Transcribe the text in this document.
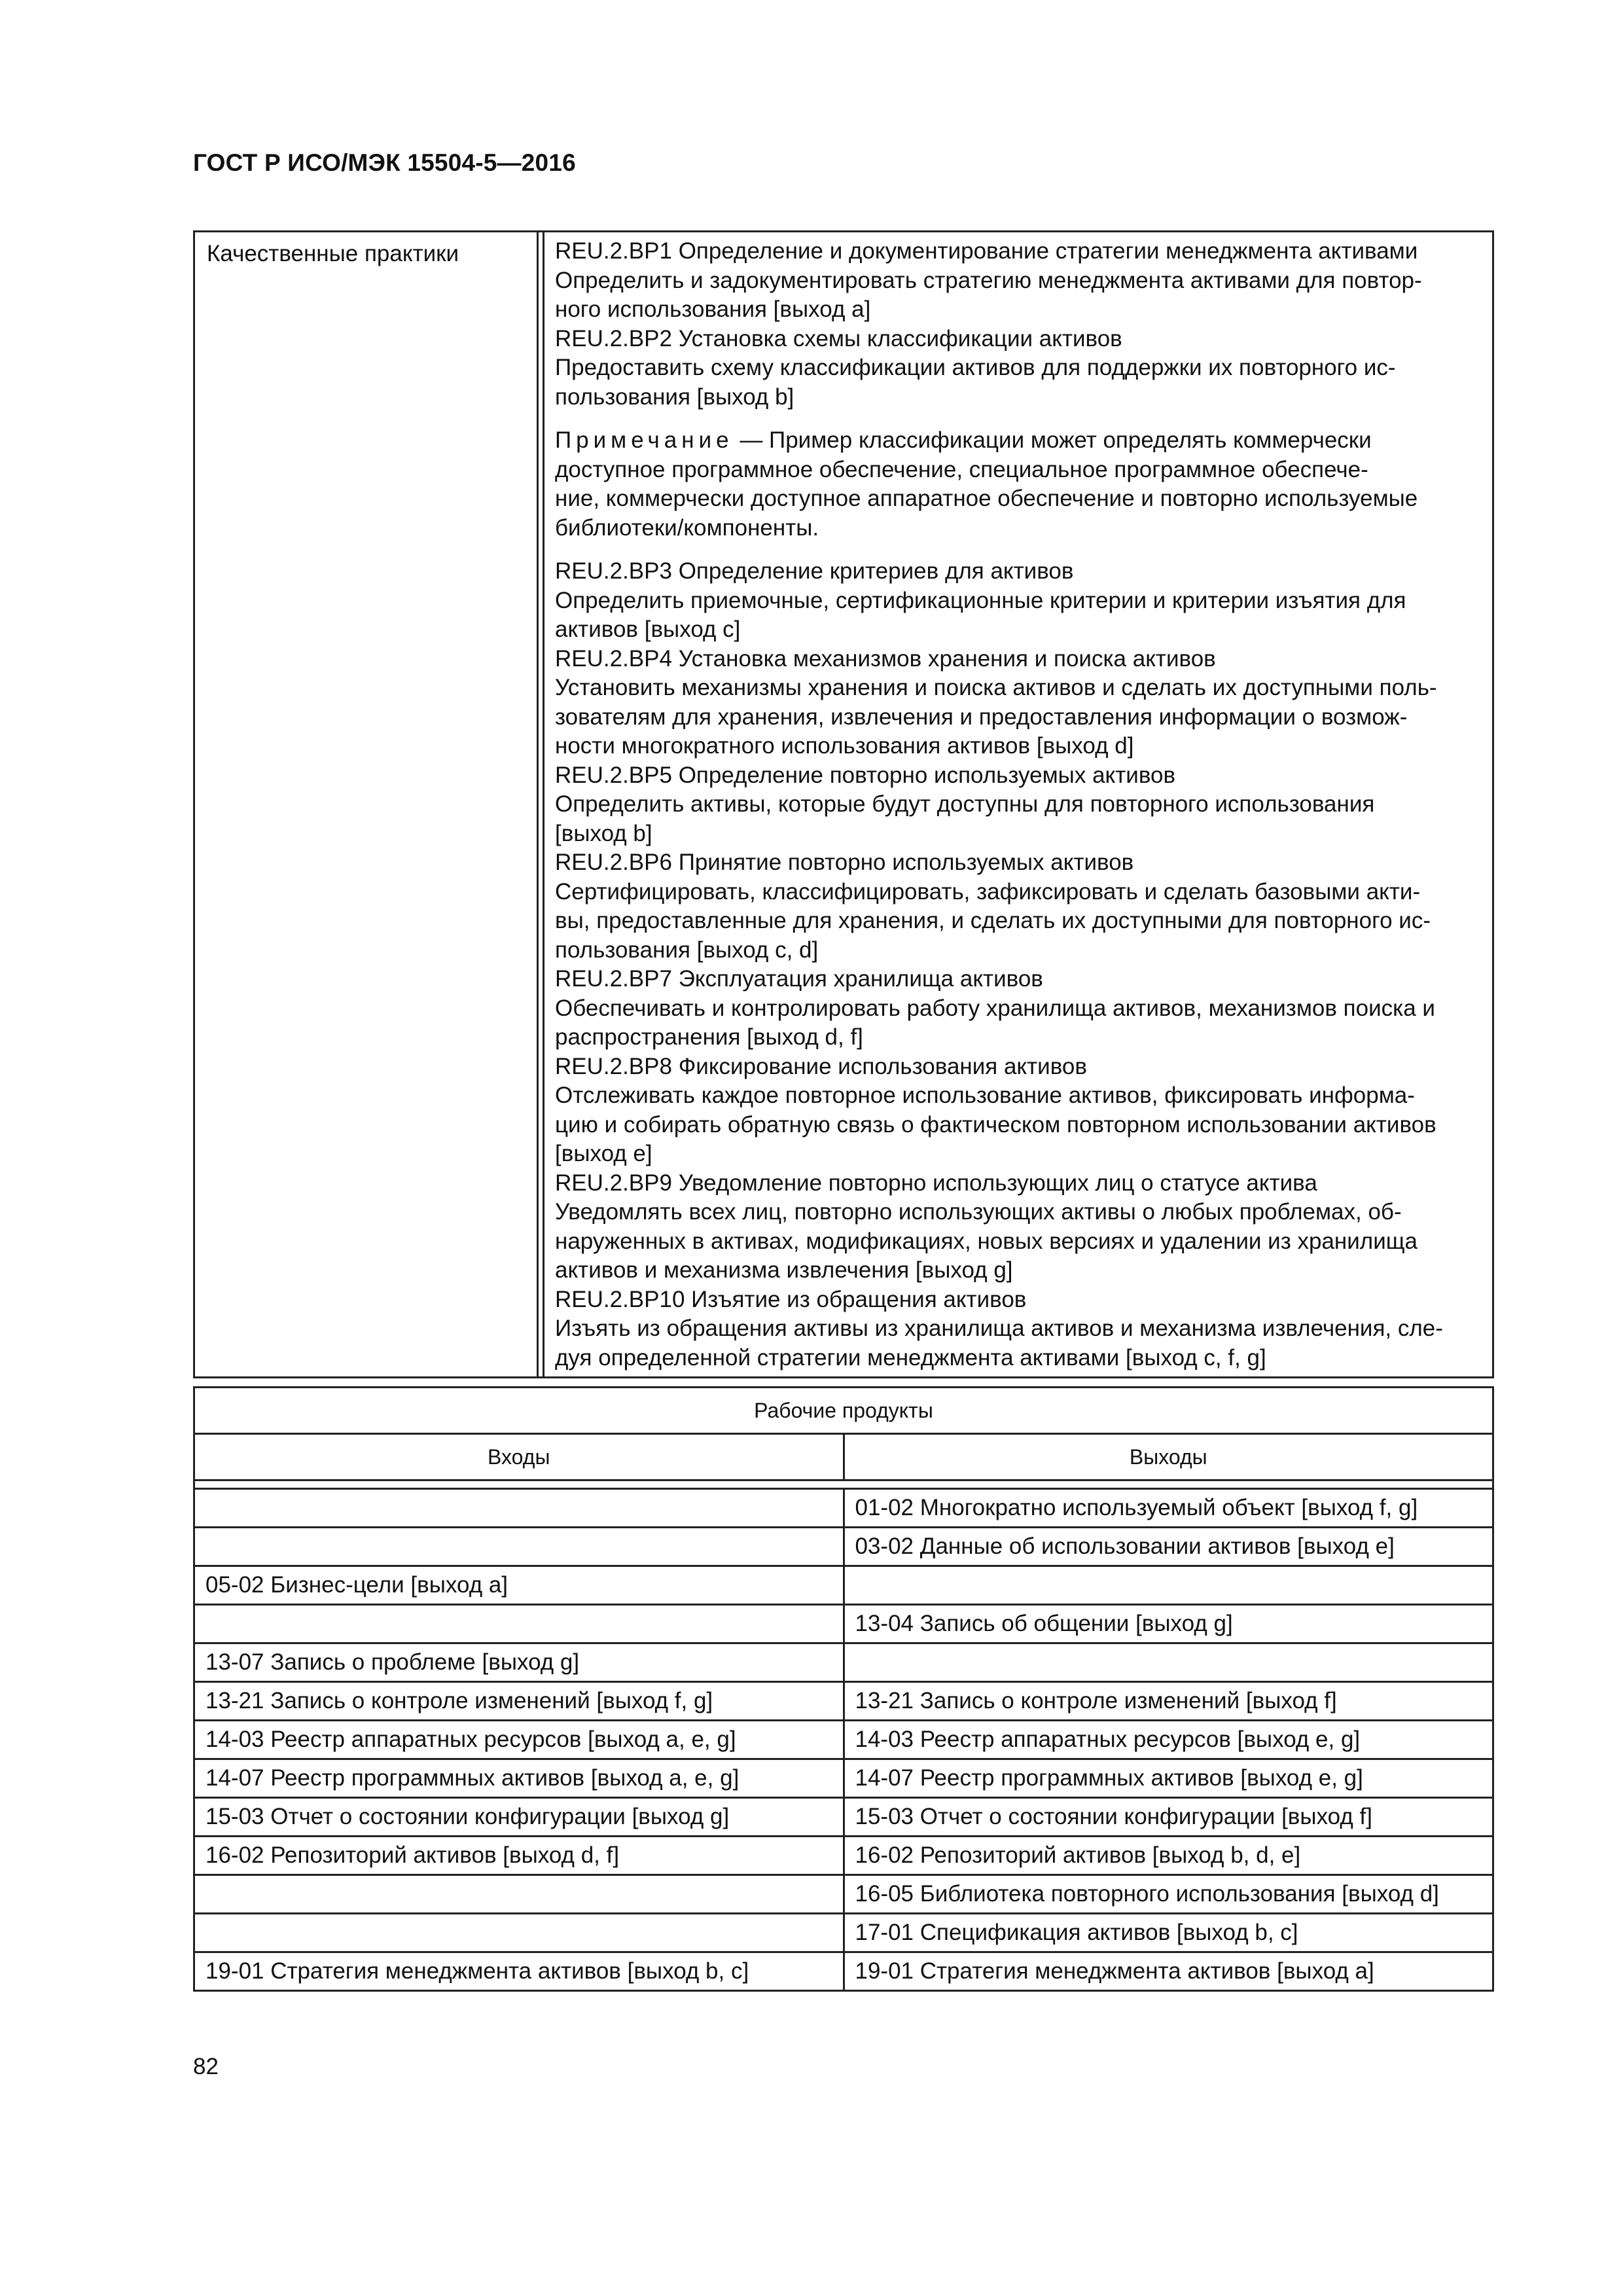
ГОСТ Р ИСО/МЭК 15504-5—2016
Качественные практики	REU.2.BP1 Определение и документирование стратегии менеджмента активами
Определить и задокументировать стратегию менеджмента активами для повтор-
ного использования [выход a]
REU.2.BP2 Установка схемы классификации активов
Предоставить схему классификации активов для поддержки их повторного ис-
пользования [выход b]
Примечание — Пример классификации может определять коммерчески
доступное программное обеспечение, специальное программное обеспече-
ние, коммерчески доступное аппаратное обеспечение и повторно используемые
библиотеки/компоненты.
REU.2.BP3 Определение критериев для активов
Определить приемочные, сертификационные критерии и критерии изъятия для
активов [выход c]
REU.2.BP4 Установка механизмов хранения и поиска активов
Установить механизмы хранения и поиска активов и сделать их доступными поль-
зователям для хранения, извлечения и предоставления информации о возмож-
ности многократного использования активов [выход d]
REU.2.BP5 Определение повторно используемых активов
Определить активы, которые будут доступны для повторного использования
[выход b]
REU.2.BP6 Принятие повторно используемых активов
Сертифицировать, классифицировать, зафиксировать и сделать базовыми акти-
вы, предоставленные для хранения, и сделать их доступными для повторного ис-
пользования [выход c, d]
REU.2.BP7 Эксплуатация хранилища активов
Обеспечивать и контролировать работу хранилища активов, механизмов поиска и
распространения [выход d, f]
REU.2.BP8 Фиксирование использования активов
Отслеживать каждое повторное использование активов, фиксировать информа-
цию и собирать обратную связь о фактическом повторном использовании активов
[выход e]
REU.2.BP9 Уведомление повторно использующих лиц о статусе актива
Уведомлять всех лиц, повторно использующих активы о любых проблемах, об-
наруженных в активах, модификациях, новых версиях и удалении из хранилища
активов и механизма извлечения [выход g]
REU.2.BP10 Изъятие из обращения активов
Изъять из обращения активы из хранилища активов и механизма извлечения, сле-
дуя определенной стратегии менеджмента активами [выход c, f, g]
Рабочие продукты	
Входы	Выходы

	01-02 Многократно используемый объект [выход f, g]
	03-02 Данные об использовании активов [выход e]
05-02 Бизнес-цели [выход a]	
	13-04 Запись об общении [выход g]
13-07 Запись о проблеме [выход g]	
13-21 Запись о контроле изменений [выход f, g]	13-21 Запись о контроле изменений [выход f]
14-03 Реестр аппаратных ресурсов [выход a, e, g]	14-03 Реестр аппаратных ресурсов [выход e, g]
14-07 Реестр программных активов [выход a, e, g]	14-07 Реестр программных активов [выход e, g]
15-03 Отчет о состоянии конфигурации [выход g]	15-03 Отчет о состоянии конфигурации [выход f]
16-02 Репозиторий активов [выход d, f]	16-02 Репозиторий активов [выход b, d, e]
	16-05 Библиотека повторного использования [выход d]
	17-01 Спецификация активов [выход b, c]
19-01 Стратегия менеджмента активов [выход b, c]	19-01 Стратегия менеджмента активов [выход a]
82
